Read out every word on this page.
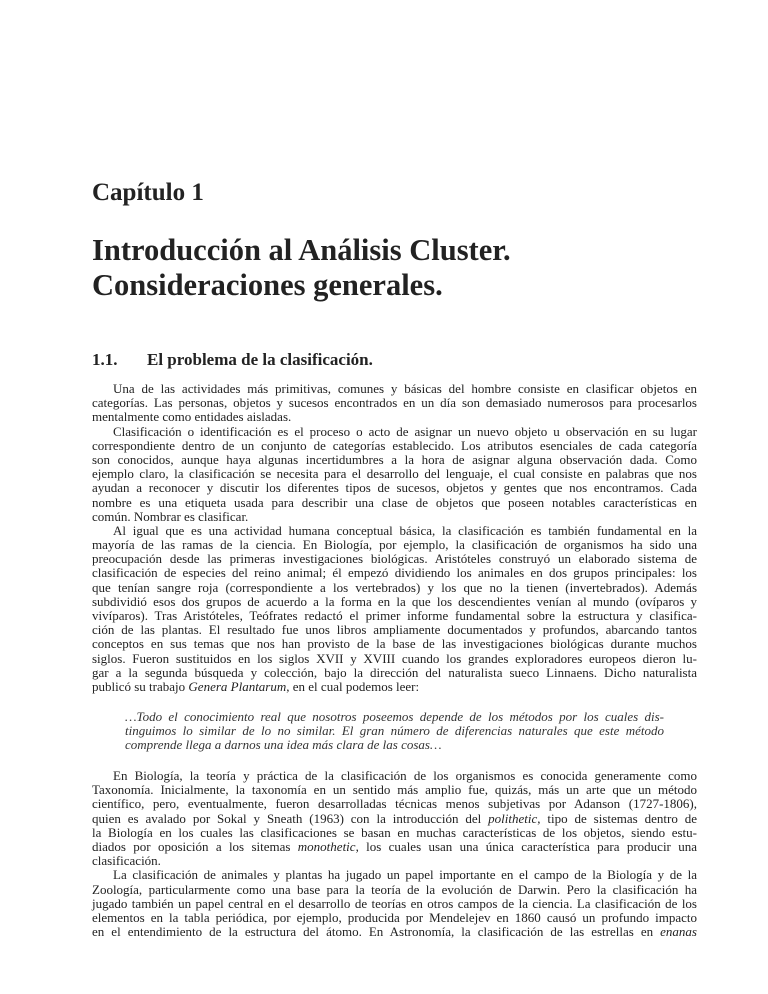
Capítulo 1
Introducción al Análisis Cluster.
Consideraciones generales.
1.1. El problema de la clasificación.
Una de las actividades más primitivas, comunes y básicas del hombre consiste en clasificar objetos en
categorías. Las personas, objetos y sucesos encontrados en un día son demasiado numerosos para procesarlos
mentalmente como entidades aisladas.
Clasificación o identificación es el proceso o acto de asignar un nuevo objeto u observación en su lugar
correspondiente dentro de un conjunto de categorías establecido. Los atributos esenciales de cada categoría
son conocidos, aunque haya algunas incertidumbres a la hora de asignar alguna observación dada. Como
ejemplo claro, la clasificación se necesita para el desarrollo del lenguaje, el cual consiste en palabras que nos
ayudan a reconocer y discutir los diferentes tipos de sucesos, objetos y gentes que nos encontramos. Cada
nombre es una etiqueta usada para describir una clase de objetos que poseen notables características en
común. Nombrar es clasificar.
Al igual que es una actividad humana conceptual básica, la clasificación es también fundamental en la
mayoría de las ramas de la ciencia. En Biología, por ejemplo, la clasificación de organismos ha sido una
preocupación desde las primeras investigaciones biológicas. Aristóteles construyó un elaborado sistema de
clasificación de especies del reino animal; él empezó dividiendo los animales en dos grupos principales: los
que tenían sangre roja (correspondiente a los vertebrados) y los que no la tienen (invertebrados). Además
subdividió esos dos grupos de acuerdo a la forma en la que los descendientes venían al mundo (ovíparos y
vivíparos). Tras Aristóteles, Teófrates redactó el primer informe fundamental sobre la estructura y clasifica-
ción de las plantas. El resultado fue unos libros ampliamente documentados y profundos, abarcando tantos
conceptos en sus temas que nos han provisto de la base de las investigaciones biológicas durante muchos
siglos. Fueron sustituidos en los siglos XVII y XVIII cuando los grandes exploradores europeos dieron lu-
gar a la segunda búsqueda y colección, bajo la dirección del naturalista sueco Linnaens. Dicho naturalista
publicó su trabajo Genera Plantarum, en el cual podemos leer:
…Todo el conocimiento real que nosotros poseemos depende de los métodos por los cuales dis-
tinguimos lo similar de lo no similar. El gran número de diferencias naturales que este método
comprende llega a darnos una idea más clara de las cosas…
En Biología, la teoría y práctica de la clasificación de los organismos es conocida generamente como
Taxonomía. Inicialmente, la taxonomía en un sentido más amplio fue, quizás, más un arte que un método
científico, pero, eventualmente, fueron desarrolladas técnicas menos subjetivas por Adanson (1727-1806),
quien es avalado por Sokal y Sneath (1963) con la introducción del polithetic, tipo de sistemas dentro de
la Biología en los cuales las clasificaciones se basan en muchas características de los objetos, siendo estu-
diados por oposición a los sitemas monothetic, los cuales usan una única característica para producir una
clasificación.
La clasificación de animales y plantas ha jugado un papel importante en el campo de la Biología y de la
Zoología, particularmente como una base para la teoría de la evolución de Darwin. Pero la clasificación ha
jugado también un papel central en el desarrollo de teorías en otros campos de la ciencia. La clasificación de los
elementos en la tabla periódica, por ejemplo, producida por Mendelejev en 1860 causó un profundo impacto
en el entendimiento de la estructura del átomo. En Astronomía, la clasificación de las estrellas en enanas
